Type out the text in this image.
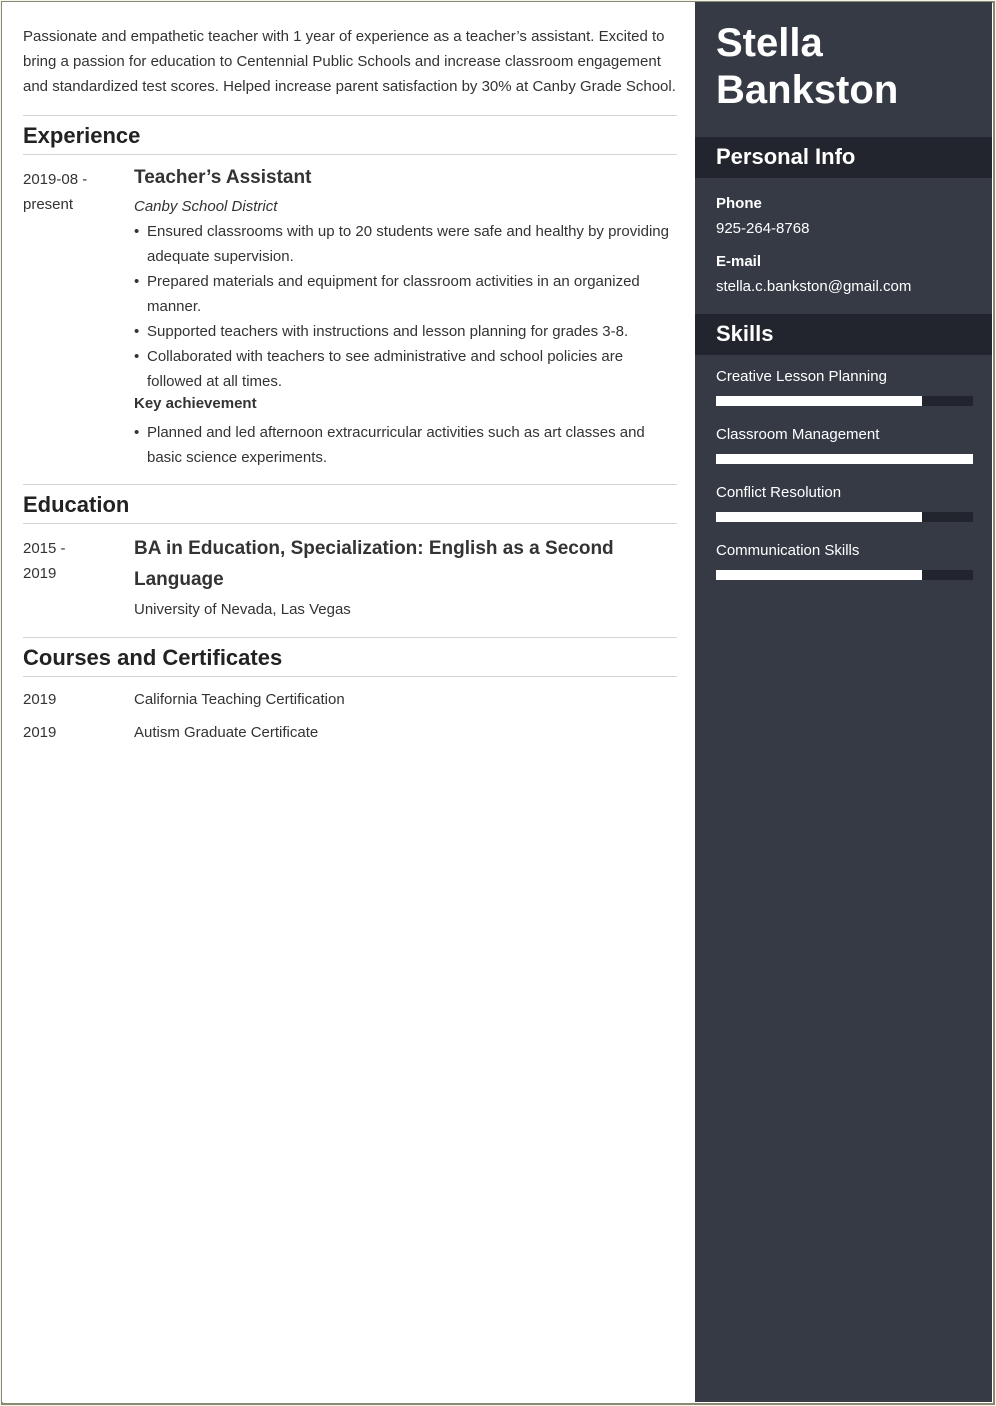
Passionate and empathetic teacher with 1 year of experience as a teacher’s assistant. Excited to bring a passion for education to Centennial Public Schools and increase classroom engagement and standardized test scores. Helped increase parent satisfaction by 30% at Canby Grade School.

Experience
2019-08 - present
Teacher’s Assistant
Canby School District
• Ensured classrooms with up to 20 students were safe and healthy by providing adequate supervision.
• Prepared materials and equipment for classroom activities in an organized manner.
• Supported teachers with instructions and lesson planning for grades 3-8.
• Collaborated with teachers to see administrative and school policies are followed at all times.
Key achievement
• Planned and led afternoon extracurricular activities such as art classes and basic science experiments.
Education
2015 - 2019
BA in Education, Specialization: English as a Second Language
University of Nevada, Las Vegas
Courses and Certificates
2019	California Teaching Certification
2019	Autism Graduate Certificate
Stella Bankston
Personal Info
Phone
925-264-8768
E-mail
stella.c.bankston@gmail.com
Skills
Creative Lesson Planning
Classroom Management
Conflict Resolution
Communication Skills
